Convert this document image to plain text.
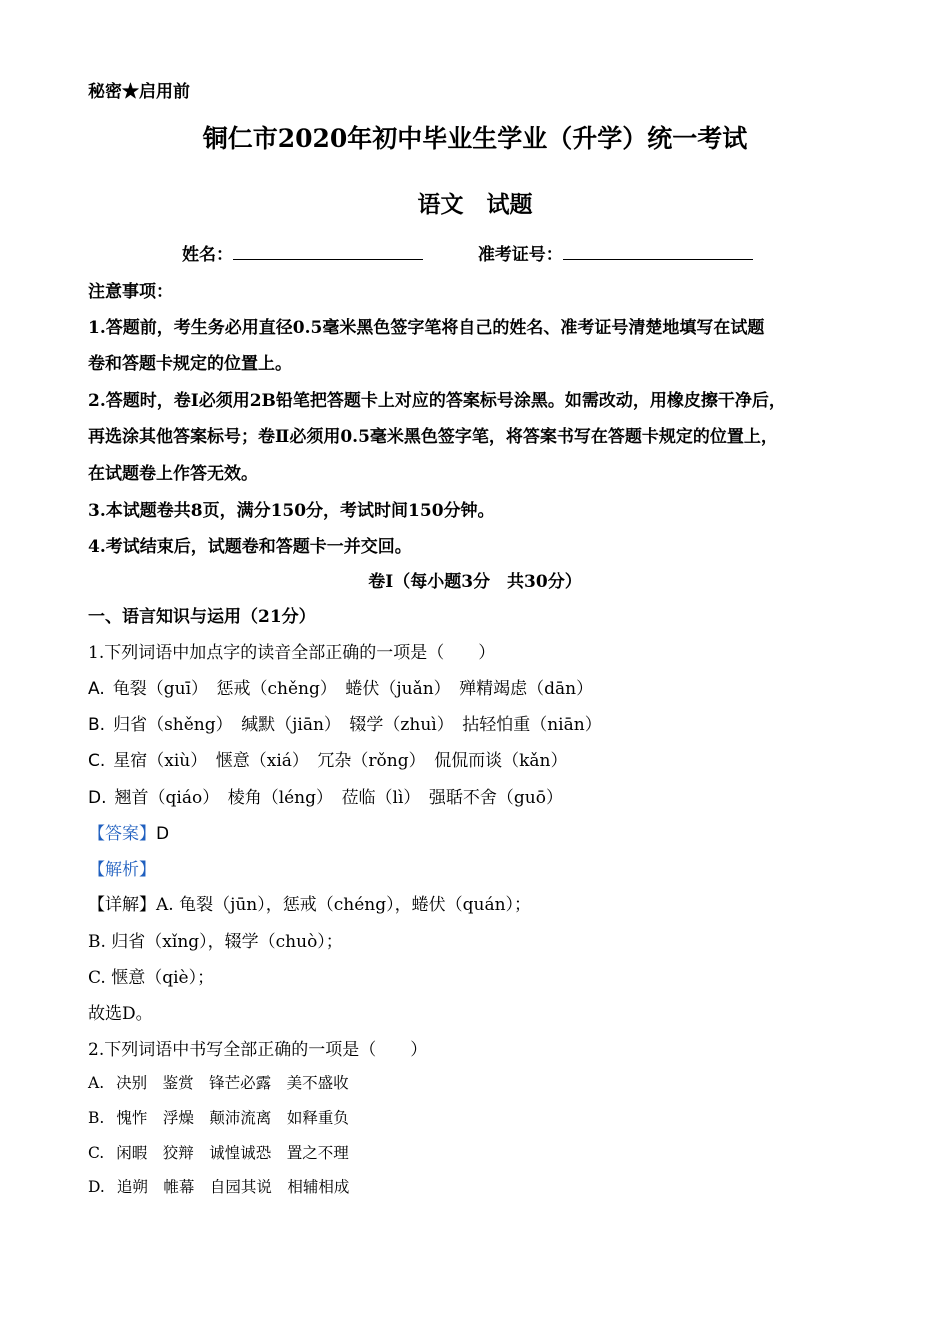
秘密★启用前
铜仁市2020年初中毕业生学业（升学）统一考试
语文　试题
姓名：	准考证号：
注意事项：
1.答题前，考生务必用直径0.5毫米黑色签字笔将自己的姓名、准考证号清楚地填写在试题
卷和答题卡规定的位置上。
2.答题时，卷Ⅰ必须用2B铅笔把答题卡上对应的答案标号涂黑。如需改动，用橡皮擦干净后，
再选涂其他答案标号；卷Ⅱ必须用0.5毫米黑色签字笔，将答案书写在答题卡规定的位置上，
在试题卷上作答无效。
3.本试题卷共8页，满分150分，考试时间150分钟。
4.考试结束后，试题卷和答题卡一并交回。
卷Ⅰ（每小题3分　共30分）
一、语言知识与运用（21分）
1.下列词语中加点字的读音全部正确的一项是（　　）
A. 龟裂（guī）　惩戒（chěng）　蜷伏（juǎn）　殚精竭虑（dān）
B. 归省（shěng）　缄默（jiān）　辍学（zhuì）　拈轻怕重（niān）
C. 星宿（xiù）　惬意（xiá）　冗杂（rǒng）　侃侃而谈（kǎn）
D. 翘首（qiáo）　棱角（léng）　莅临（lì）　强聒不舍（guō）
【答案】D
【解析】
【详解】A. 龟裂（jūn），惩戒（chéng），蜷伏（quán）；
B. 归省（xǐng），辍学（chuò）；
C. 惬意（qiè）；
故选D。
2.下列词语中书写全部正确的一项是（　　）
A. 决别　鉴赏　锋芒必露　美不盛收
B. 愧怍　浮燥　颠沛流离　如释重负
C. 闲暇　狡辩　诚惶诚恐　置之不理
D. 追朔　帷幕　自园其说　相辅相成
